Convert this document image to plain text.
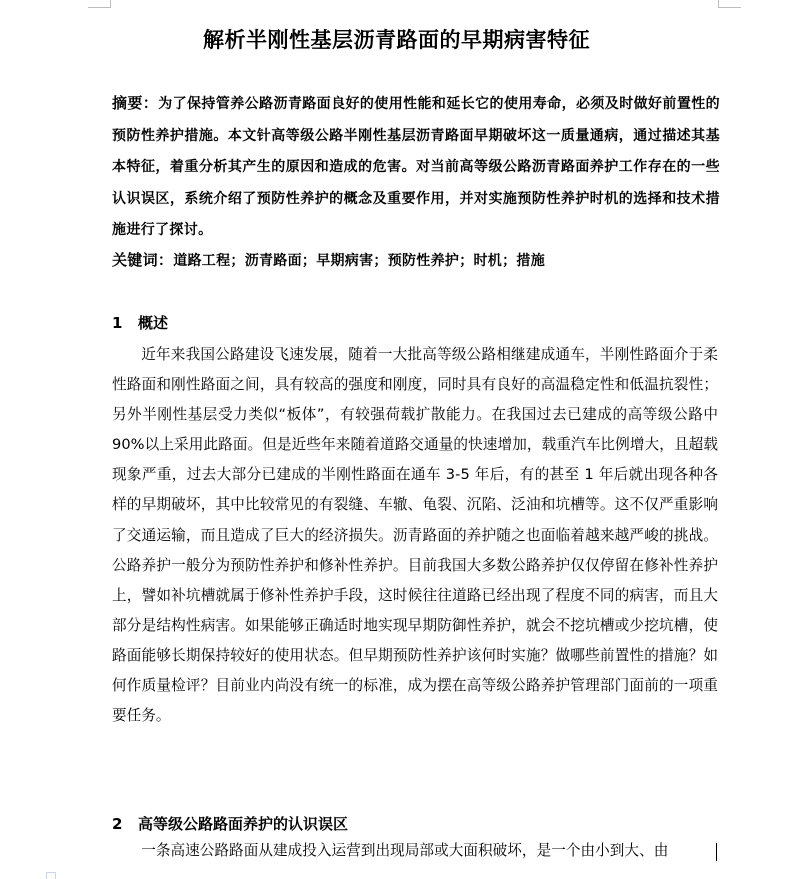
解析半刚性基层沥青路面的早期病害特征

摘要：为了保持管养公路沥青路面良好的使用性能和延长它的使用寿命，必须及时做好前置性的预防性养护措施。本文针高等级公路半刚性基层沥青路面早期破坏这一质量通病，通过描述其基本特征，着重分析其产生的原因和造成的危害。对当前高等级公路沥青路面养护工作存在的一些认识误区，系统介绍了预防性养护的概念及重要作用，并对实施预防性养护时机的选择和技术措施进行了探讨。

关键词：道路工程；沥青路面；早期病害；预防性养护；时机；措施

1 概述

近年来我国公路建设飞速发展，随着一大批高等级公路相继建成通车，半刚性路面介于柔性路面和刚性路面之间，具有较高的强度和刚度，同时具有良好的高温稳定性和低温抗裂性；另外半刚性基层受力类似“板体”，有较强荷载扩散能力。在我国过去已建成的高等级公路中 90%以上采用此路面。但是近些年来随着道路交通量的快速增加，载重汽车比例增大，且超载现象严重，过去大部分已建成的半刚性路面在通车 3-5 年后，有的甚至 1 年后就出现各种各样的早期破坏，其中比较常见的有裂缝、车辙、龟裂、沉陷、泛油和坑槽等。这不仅严重影响了交通运输，而且造成了巨大的经济损失。沥青路面的养护随之也面临着越来越严峻的挑战。公路养护一般分为预防性养护和修补性养护。目前我国大多数公路养护仅仅停留在修补性养护上，譬如补坑槽就属于修补性养护手段，这时候往往道路已经出现了程度不同的病害，而且大部分是结构性病害。如果能够正确适时地实现早期防御性养护，就会不挖坑槽或少挖坑槽，使路面能够长期保持较好的使用状态。但早期预防性养护该何时实施？做哪些前置性的措施？如何作质量检评？目前业内尚没有统一的标准，成为摆在高等级公路养护管理部门面前的一项重要任务。

2 高等级公路路面养护的认识误区

一条高速公路路面从建成投入运营到出现局部或大面积破坏，是一个由小到大、由
